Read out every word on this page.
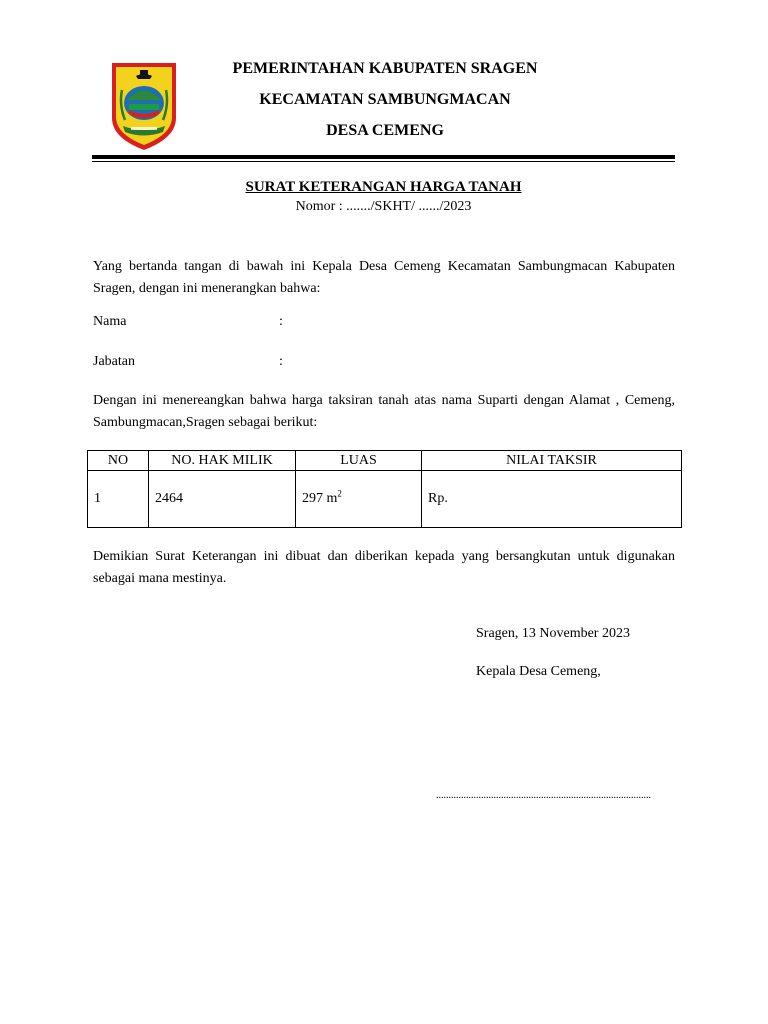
PEMERINTAHAN KABUPATEN SRAGEN
KECAMATAN SAMBUNGMACAN
DESA CEMENG
SURAT KETERANGAN HARGA TANAH
Nomor : ......./SKHT/ ....../2023
Yang bertanda tangan di bawah ini Kepala Desa Cemeng Kecamatan Sambungmacan Kabupaten Sragen, dengan ini menerangkan bahwa:
Nama	:
Jabatan	:
Dengan ini menereangkan bahwa harga taksiran tanah atas nama Suparti dengan Alamat , Cemeng, Sambungmacan,Sragen sebagai berikut:
NO	NO. HAK MILIK	LUAS	NILAI TAKSIR
1	2464	297 $m^2$	Rp.
Demikian Surat Keterangan ini dibuat dan diberikan kepada yang bersangkutan untuk digunakan sebagai mana mestinya.
Sragen, 13 November 2023
Kepala Desa Cemeng,
......................................................................................
